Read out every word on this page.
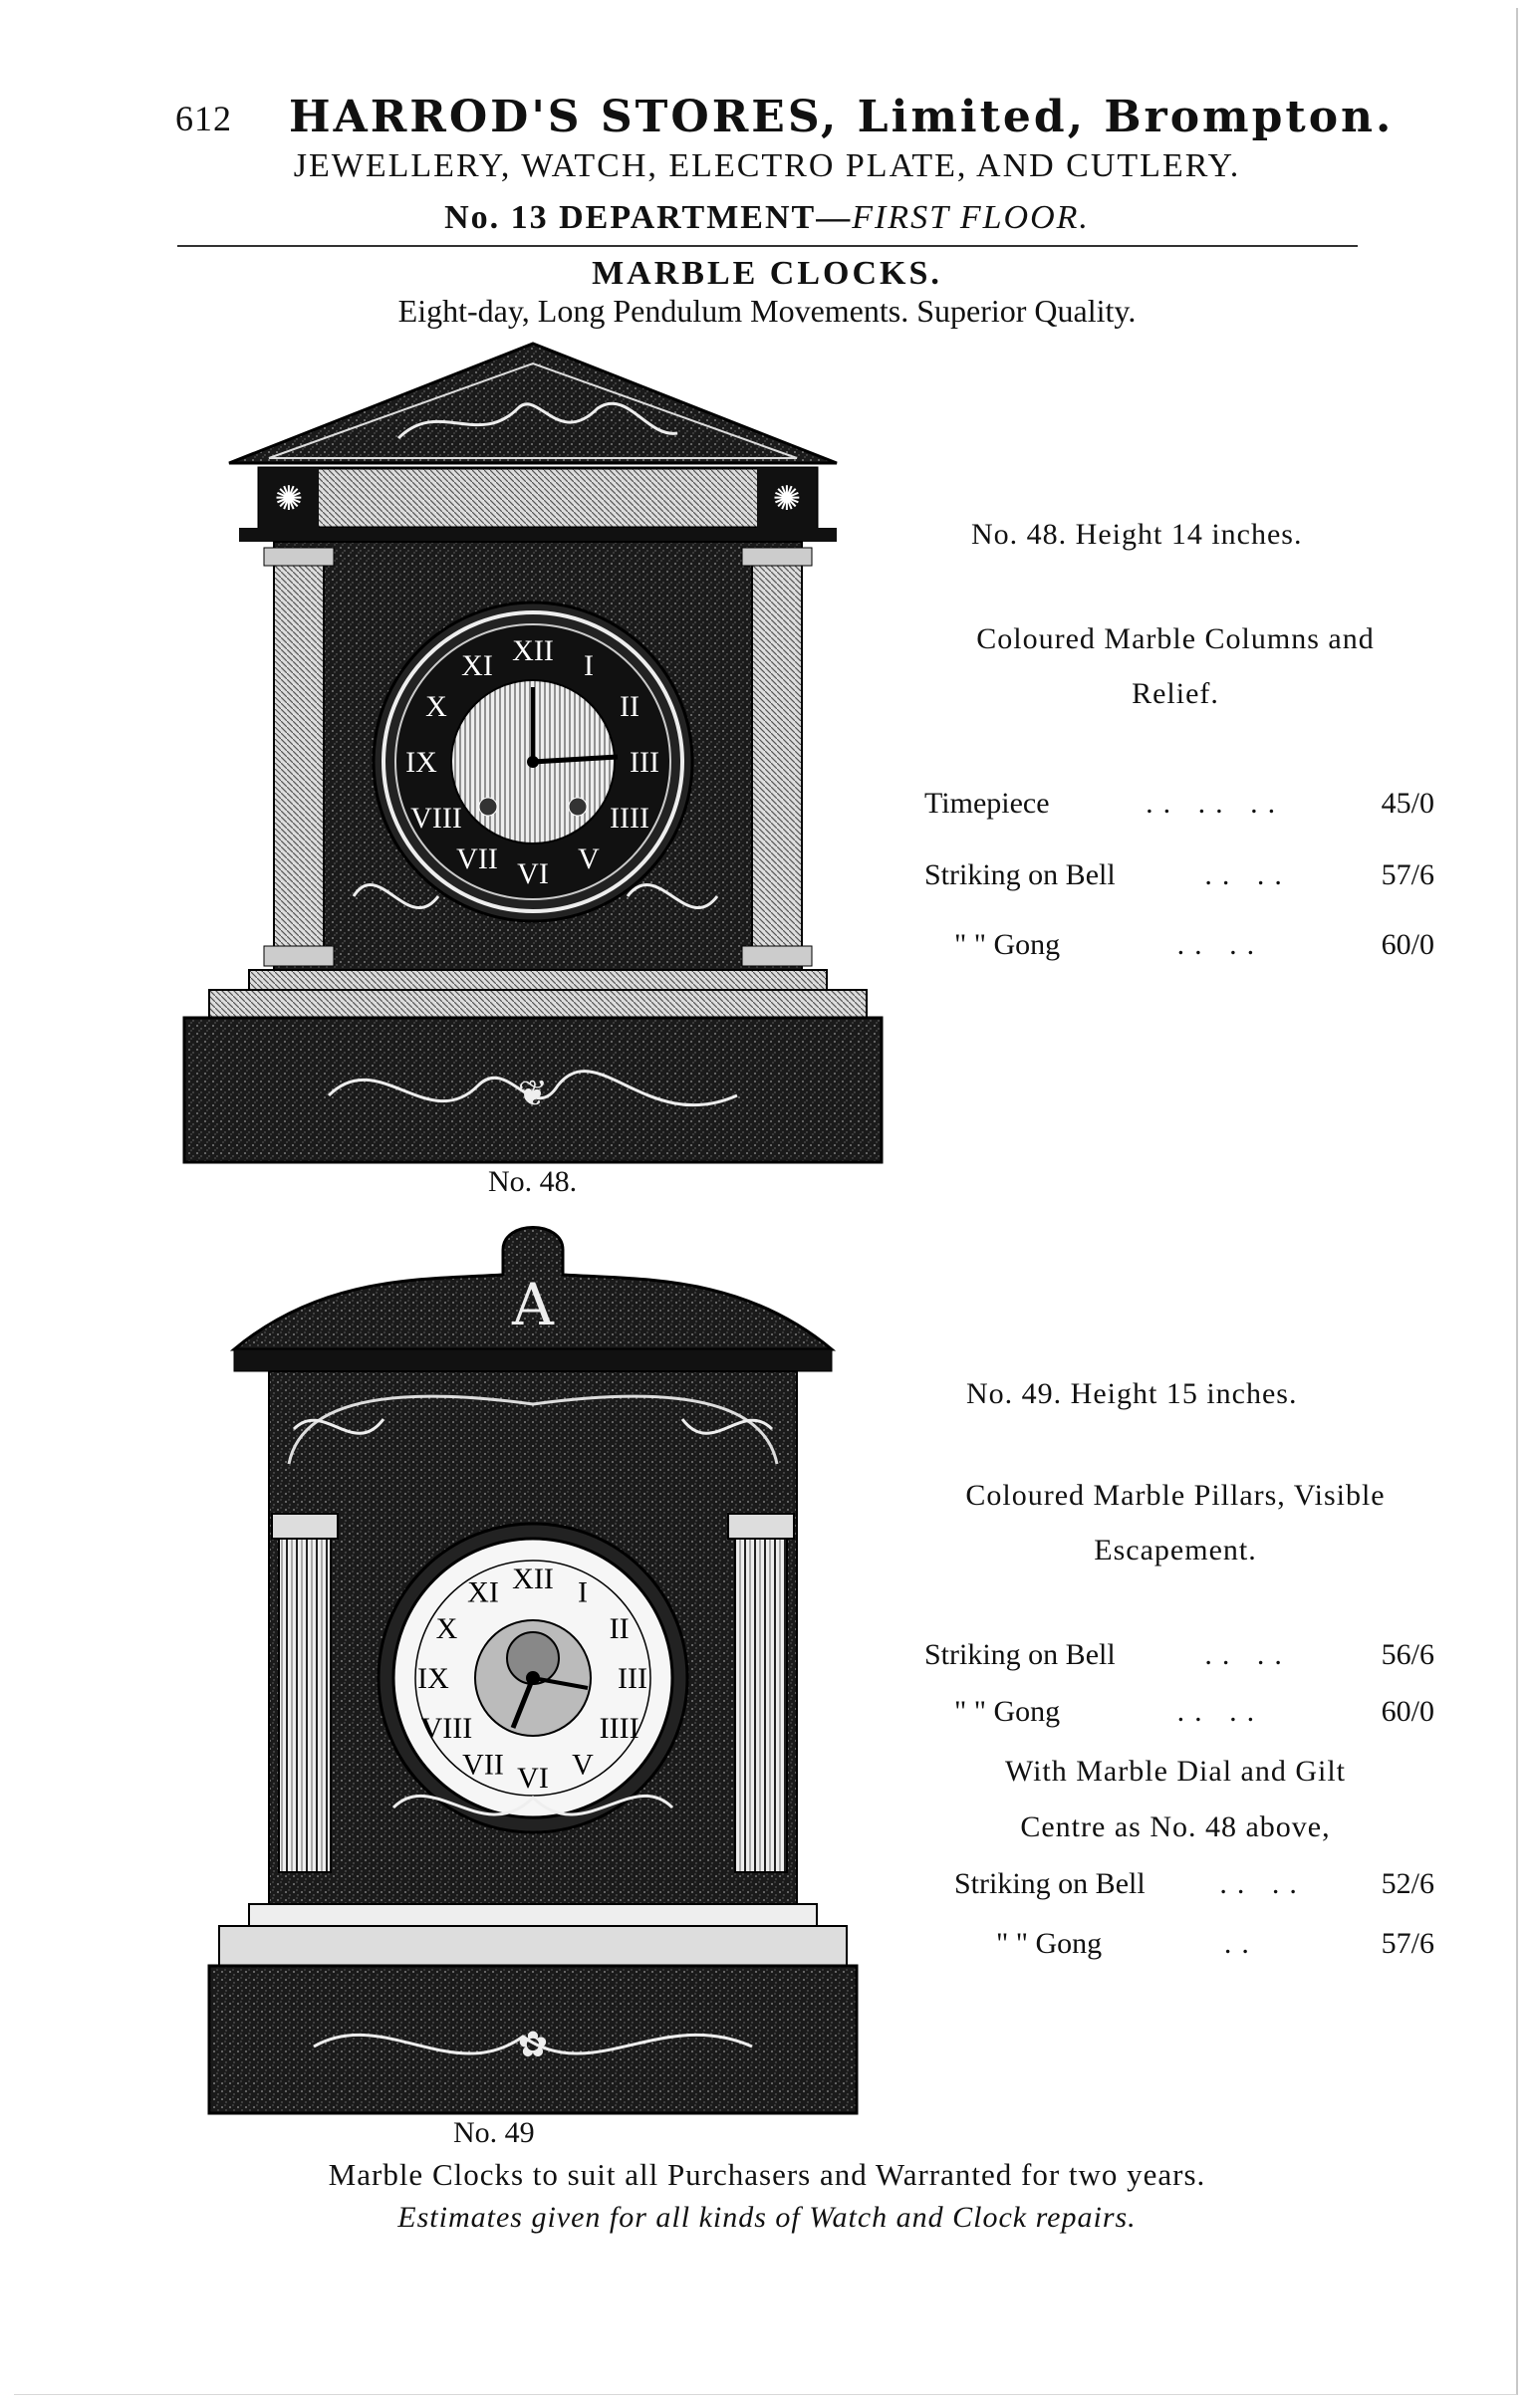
612 HARROD'S STORES, Limited, Brompton.
JEWELLERY, WATCH, ELECTRO PLATE, AND CUTLERY.
No. 13 DEPARTMENT—FIRST FLOOR.
MARBLE CLOCKS.
Eight-day, Long Pendulum Movements. Superior Quality.
✺	✺
XII I
II
III
IIII
V
VI
VII
VIII
IX
X
XI
❦
No. 48.
No. 48. Height 14 inches.
Coloured Marble Columns and
Relief.
Timepiece	.. .. ..	45/0
Striking on Bell	.. ..	57/6
" " Gong	.. ..	60/0
A
XII I
II
III
IIII
V
VI
VII
VIII
IX
X
XI
✿
No. 49
No. 49. Height 15 inches.
Coloured Marble Pillars, Visible
Escapement.
Striking on Bell	.. ..	56/6
" " Gong	.. ..	60/0
With Marble Dial and Gilt
Centre as No. 48 above,
Striking on Bell .. .. 52/6
" " Gong	..	57/6
Marble Clocks to suit all Purchasers and Warranted for two years.
Estimates given for all kinds of Watch and Clock repairs.
